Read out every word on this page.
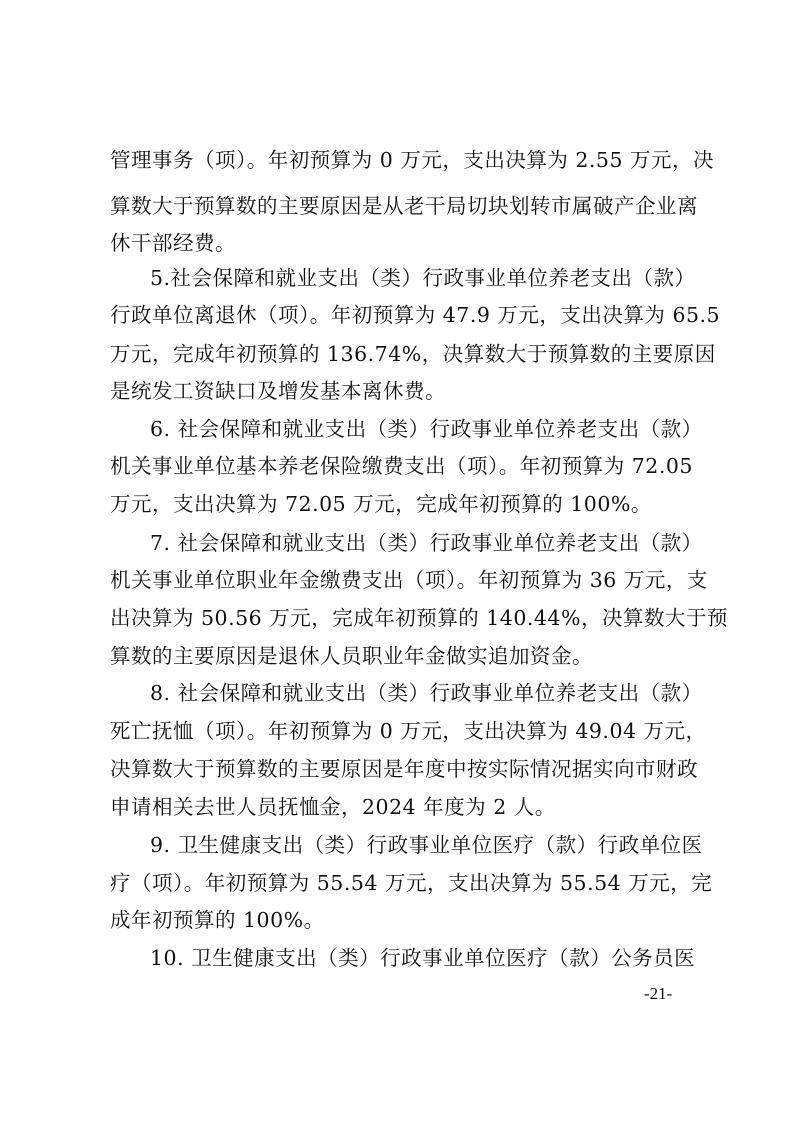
管理事务（项）。年初预算为 0 万元，支出决算为 2.55 万元，决
算数大于预算数的主要原因是从老干局切块划转市属破产企业离
休干部经费。
5.社会保障和就业支出（类）行政事业单位养老支出（款）
行政单位离退休（项）。年初预算为 47.9 万元，支出决算为 65.5
万元，完成年初预算的 136.74%，决算数大于预算数的主要原因
是统发工资缺口及增发基本离休费。
6. 社会保障和就业支出（类）行政事业单位养老支出（款）
机关事业单位基本养老保险缴费支出（项）。年初预算为 72.05
万元，支出决算为 72.05 万元，完成年初预算的 100%。
7. 社会保障和就业支出（类）行政事业单位养老支出（款）
机关事业单位职业年金缴费支出（项）。年初预算为 36 万元，支
出决算为 50.56 万元，完成年初预算的 140.44%，决算数大于预
算数的主要原因是退休人员职业年金做实追加资金。
8. 社会保障和就业支出（类）行政事业单位养老支出（款）
死亡抚恤（项）。年初预算为 0 万元，支出决算为 49.04 万元，
决算数大于预算数的主要原因是年度中按实际情况据实向市财政
申请相关去世人员抚恤金，2024 年度为 2 人。
9. 卫生健康支出（类）行政事业单位医疗（款）行政单位医
疗（项）。年初预算为 55.54 万元，支出决算为 55.54 万元，完
成年初预算的 100%。
10. 卫生健康支出（类）行政事业单位医疗（款）公务员医
-21-
